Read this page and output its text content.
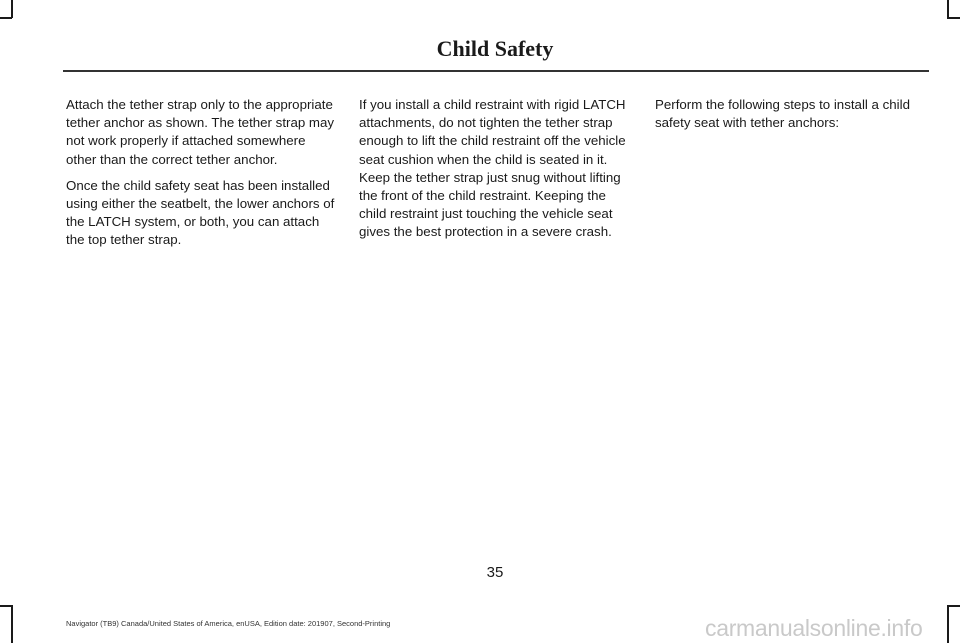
Child Safety

Attach the tether strap only to the appropriate tether anchor as shown. The tether strap may not work properly if attached somewhere other than the correct tether anchor.

Once the child safety seat has been installed using either the seatbelt, the lower anchors of the LATCH system, or both, you can attach the top tether strap.

If you install a child restraint with rigid LATCH attachments, do not tighten the tether strap enough to lift the child restraint off the vehicle seat cushion when the child is seated in it. Keep the tether strap just snug without lifting the front of the child restraint. Keeping the child restraint just touching the vehicle seat gives the best protection in a severe crash.

Perform the following steps to install a child safety seat with tether anchors:

35
Navigator (TB9) Canada/United States of America, enUSA, Edition date: 201907, Second-Printing	carmanualsonline.info
